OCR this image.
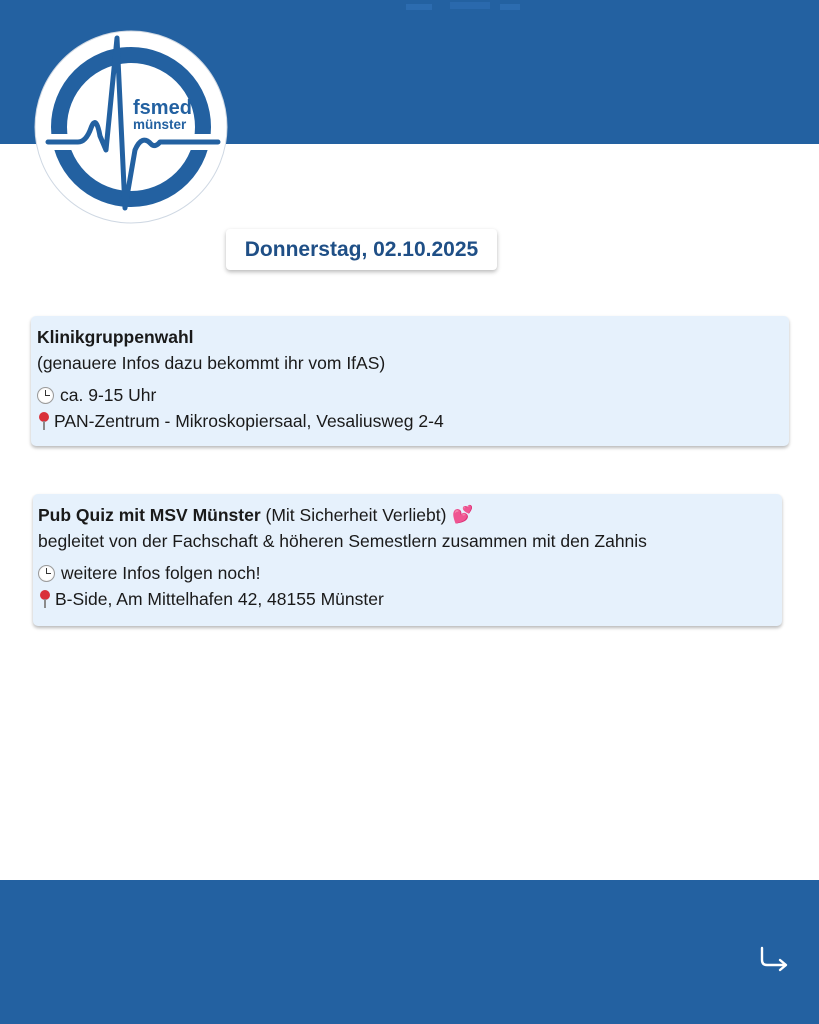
fsmed
münster
Donnerstag, 02.10.2025
Klinikgruppenwahl
(genauere Infos dazu bekommt ihr vom IfAS)
ca. 9-15 Uhr
PAN-Zentrum - Mikroskopiersaal, Vesaliusweg 2-4
Pub Quiz mit MSV Münster (Mit Sicherheit Verliebt) 💕
begleitet von der Fachschaft & höheren Semestlern zusammen mit den Zahnis
weitere Infos folgen noch!
B-Side, Am Mittelhafen 42, 48155 Münster
